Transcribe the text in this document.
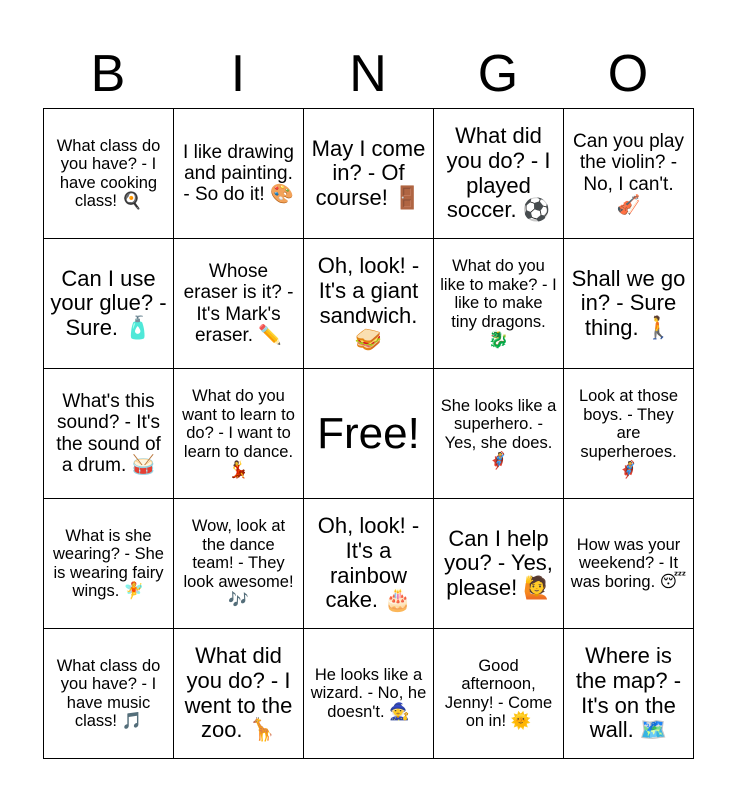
B	I	N	G	O
What class do you have? - I have cooking class! 🍳	I like drawing and painting. - So do it! 🎨	May I come in? - Of course! 🚪	What did you do? - I played soccer. ⚽	Can you play the violin? - No, I can't. 🎻
Can I use your glue? - Sure. 🧴	Whose eraser is it? - It's Mark's eraser. ✏️	Oh, look! - It's a giant sandwich. 🥪	What do you like to make? - I like to make tiny dragons. 🐉	Shall we go in? - Sure thing. 🚶
What's this sound? - It's the sound of a drum. 🥁	What do you want to learn to do? - I want to learn to dance. 💃	Free!	She looks like a superhero. - Yes, she does. 🦸	Look at those boys. - They are superheroes. 🦸
What is she wearing? - She is wearing fairy wings. 🧚	Wow, look at the dance team! - They look awesome! 🎶	Oh, look! - It's a rainbow cake. 🎂	Can I help you? - Yes, please! 🙋	How was your weekend? - It was boring. 😴
What class do you have? - I have music class! 🎵	What did you do? - I went to the zoo. 🦒	He looks like a wizard. - No, he doesn't. 🧙	Good afternoon, Jenny! - Come on in! 🌞	Where is the map? - It's on the wall. 🗺️
